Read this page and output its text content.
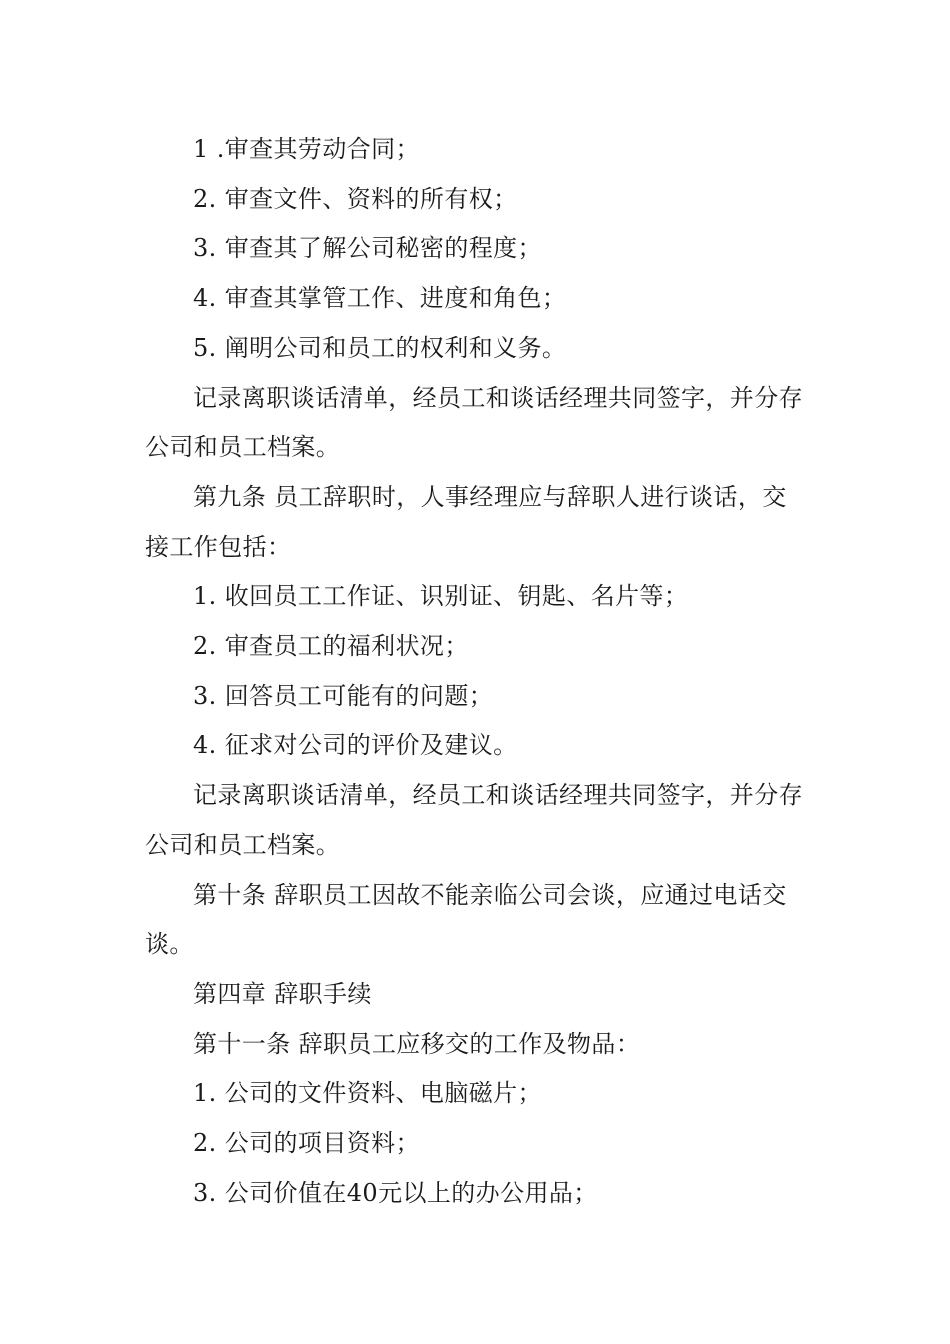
1 .审查其劳动合同；

2. 审查文件、资料的所有权；

3. 审查其了解公司秘密的程度；

4. 审查其掌管工作、进度和角色；

5. 阐明公司和员工的权利和义务。

记录离职谈话清单，经员工和谈话经理共同签字，并分存公司和员工档案。

第九条 员工辞职时，人事经理应与辞职人进行谈话，交接工作包括：

1. 收回员工工作证、识别证、钥匙、名片等；

2. 审查员工的福利状况；

3. 回答员工可能有的问题；

4. 征求对公司的评价及建议。

记录离职谈话清单，经员工和谈话经理共同签字，并分存公司和员工档案。

第十条 辞职员工因故不能亲临公司会谈，应通过电话交谈。

第四章 辞职手续

第十一条 辞职员工应移交的工作及物品：

1. 公司的文件资料、电脑磁片；

2. 公司的项目资料；

3. 公司价值在40元以上的办公用品；
